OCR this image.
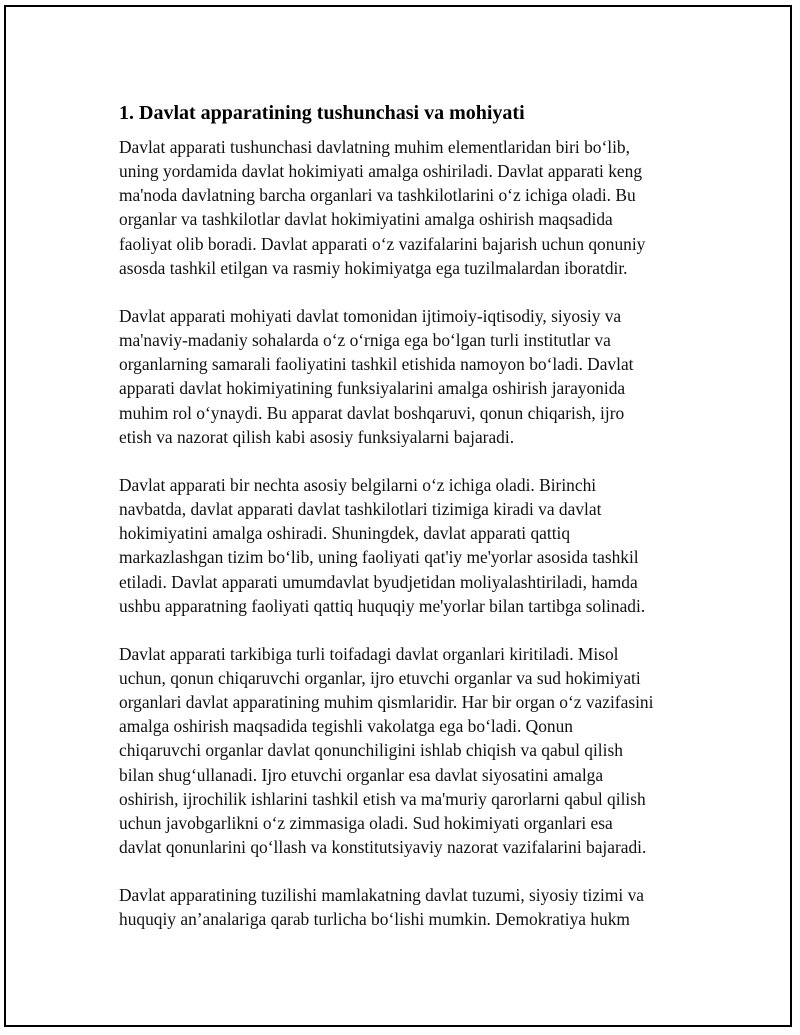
1. Davlat apparatining tushunchasi va mohiyati

Davlat apparati tushunchasi davlatning muhim elementlaridan biri boʻlib,
uning yordamida davlat hokimiyati amalga oshiriladi. Davlat apparati keng
ma'noda davlatning barcha organlari va tashkilotlarini oʻz ichiga oladi. Bu
organlar va tashkilotlar davlat hokimiyatini amalga oshirish maqsadida
faoliyat olib boradi. Davlat apparati oʻz vazifalarini bajarish uchun qonuniy
asosda tashkil etilgan va rasmiy hokimiyatga ega tuzilmalardan iboratdir.

Davlat apparati mohiyati davlat tomonidan ijtimoiy-iqtisodiy, siyosiy va
ma'naviy-madaniy sohalarda oʻz oʻrniga ega boʻlgan turli institutlar va
organlarning samarali faoliyatini tashkil etishida namoyon boʻladi. Davlat
apparati davlat hokimiyatining funksiyalarini amalga oshirish jarayonida
muhim rol oʻynaydi. Bu apparat davlat boshqaruvi, qonun chiqarish, ijro
etish va nazorat qilish kabi asosiy funksiyalarni bajaradi.

Davlat apparati bir nechta asosiy belgilarni oʻz ichiga oladi. Birinchi
navbatda, davlat apparati davlat tashkilotlari tizimiga kiradi va davlat
hokimiyatini amalga oshiradi. Shuningdek, davlat apparati qattiq
markazlashgan tizim boʻlib, uning faoliyati qat'iy me'yorlar asosida tashkil
etiladi. Davlat apparati umumdavlat byudjetidan moliyalashtiriladi, hamda
ushbu apparatning faoliyati qattiq huquqiy me'yorlar bilan tartibga solinadi.

Davlat apparati tarkibiga turli toifadagi davlat organlari kiritiladi. Misol
uchun, qonun chiqaruvchi organlar, ijro etuvchi organlar va sud hokimiyati
organlari davlat apparatining muhim qismlaridir. Har bir organ oʻz vazifasini
amalga oshirish maqsadida tegishli vakolatga ega boʻladi. Qonun
chiqaruvchi organlar davlat qonunchiligini ishlab chiqish va qabul qilish
bilan shugʻullanadi. Ijro etuvchi organlar esa davlat siyosatini amalga
oshirish, ijrochilik ishlarini tashkil etish va ma'muriy qarorlarni qabul qilish
uchun javobgarlikni oʻz zimmasiga oladi. Sud hokimiyati organlari esa
davlat qonunlarini qoʻllash va konstitutsiyaviy nazorat vazifalarini bajaradi.

Davlat apparatining tuzilishi mamlakatning davlat tuzumi, siyosiy tizimi va
huquqiy an’analariga qarab turlicha boʻlishi mumkin. Demokratiya hukm
